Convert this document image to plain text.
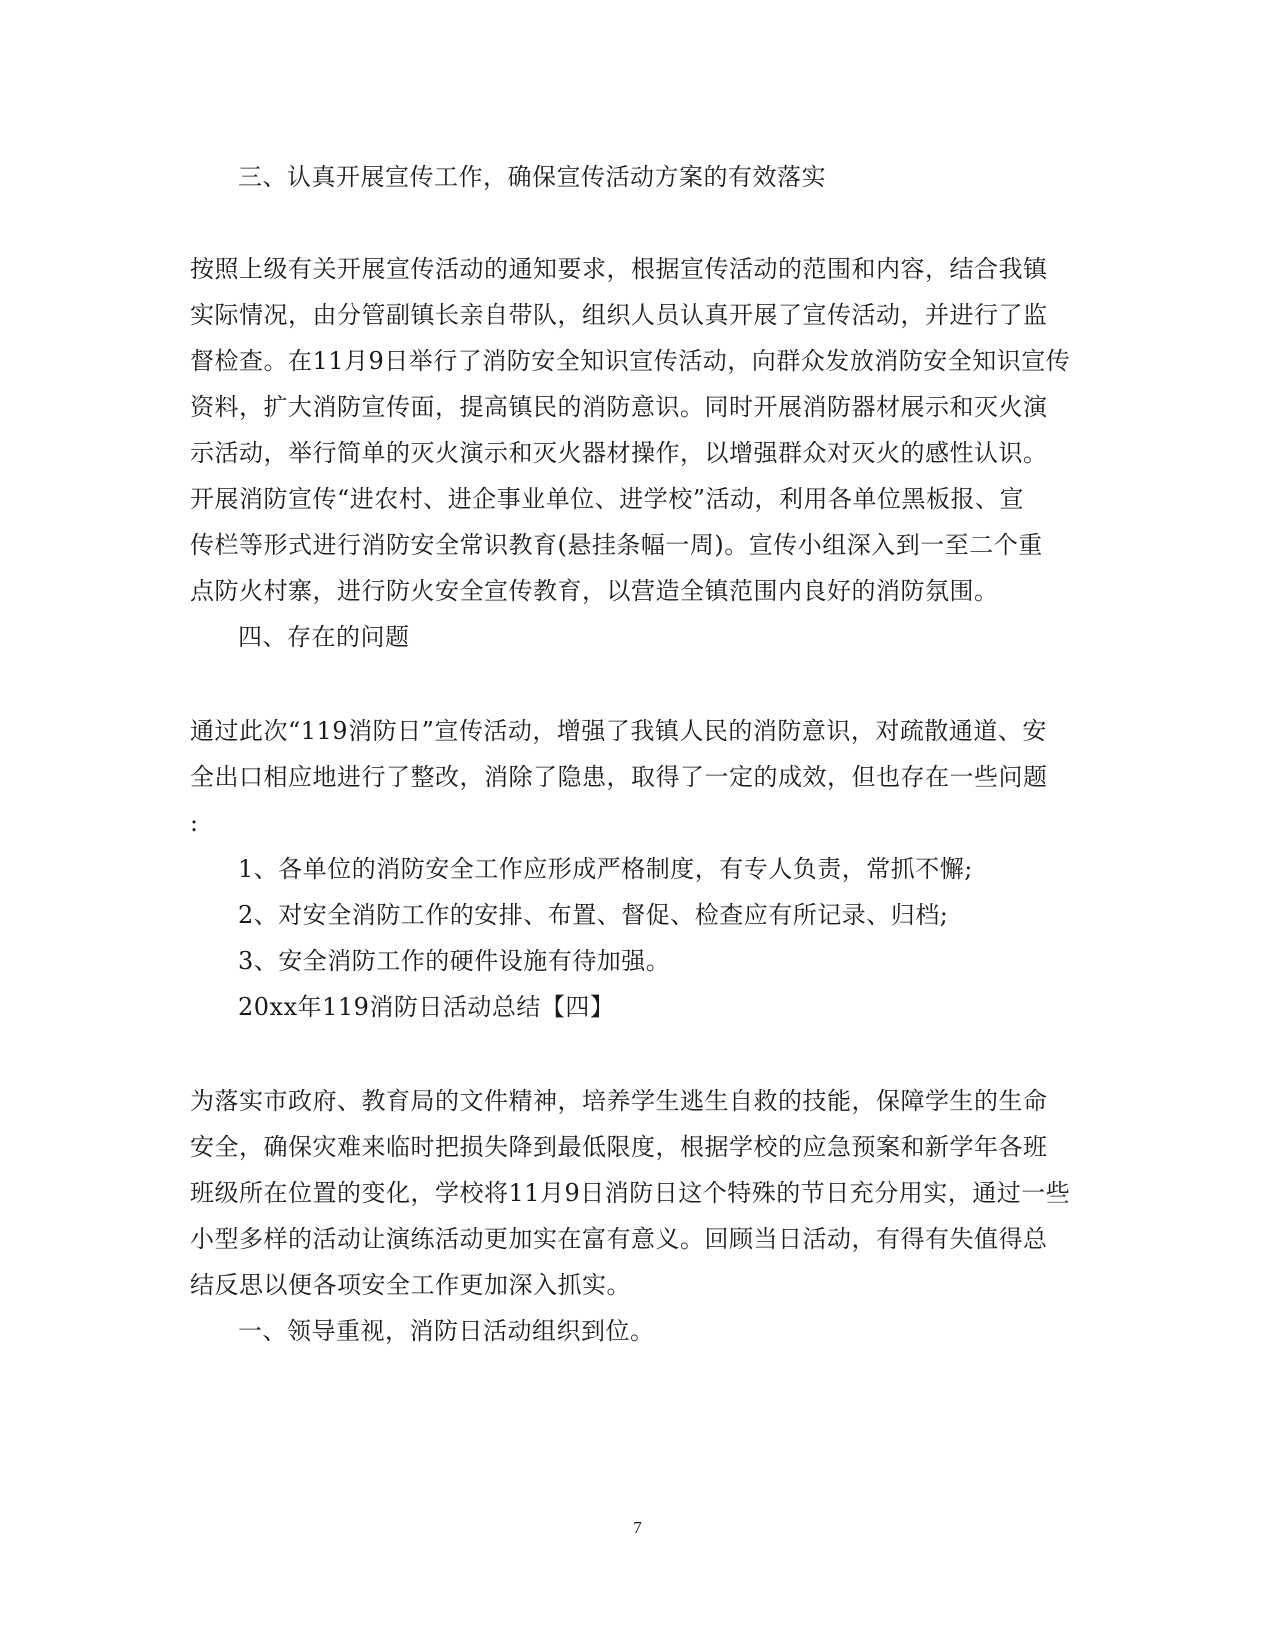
三、认真开展宣传工作，确保宣传活动方案的有效落实
按照上级有关开展宣传活动的通知要求，根据宣传活动的范围和内容，结合我镇
实际情况，由分管副镇长亲自带队，组织人员认真开展了宣传活动，并进行了监
督检查。在11月9日举行了消防安全知识宣传活动，向群众发放消防安全知识宣传
资料，扩大消防宣传面，提高镇民的消防意识。同时开展消防器材展示和灭火演
示活动，举行简单的灭火演示和灭火器材操作，以增强群众对灭火的感性认识。
开展消防宣传“进农村、进企事业单位、进学校”活动，利用各单位黑板报、宣
传栏等形式进行消防安全常识教育(悬挂条幅一周)。宣传小组深入到一至二个重
点防火村寨，进行防火安全宣传教育，以营造全镇范围内良好的消防氛围。
四、存在的问题
通过此次“119消防日”宣传活动，增强了我镇人民的消防意识，对疏散通道、安
全出口相应地进行了整改，消除了隐患，取得了一定的成效，但也存在一些问题
:
1、各单位的消防安全工作应形成严格制度，有专人负责，常抓不懈;
2、对安全消防工作的安排、布置、督促、检查应有所记录、归档;
3、安全消防工作的硬件设施有待加强。
20xx年119消防日活动总结【四】
为落实市政府、教育局的文件精神，培养学生逃生自救的技能，保障学生的生命
安全，确保灾难来临时把损失降到最低限度，根据学校的应急预案和新学年各班
班级所在位置的变化，学校将11月9日消防日这个特殊的节日充分用实，通过一些
小型多样的活动让演练活动更加实在富有意义。回顾当日活动，有得有失值得总
结反思以便各项安全工作更加深入抓实。
一、领导重视，消防日活动组织到位。
7
